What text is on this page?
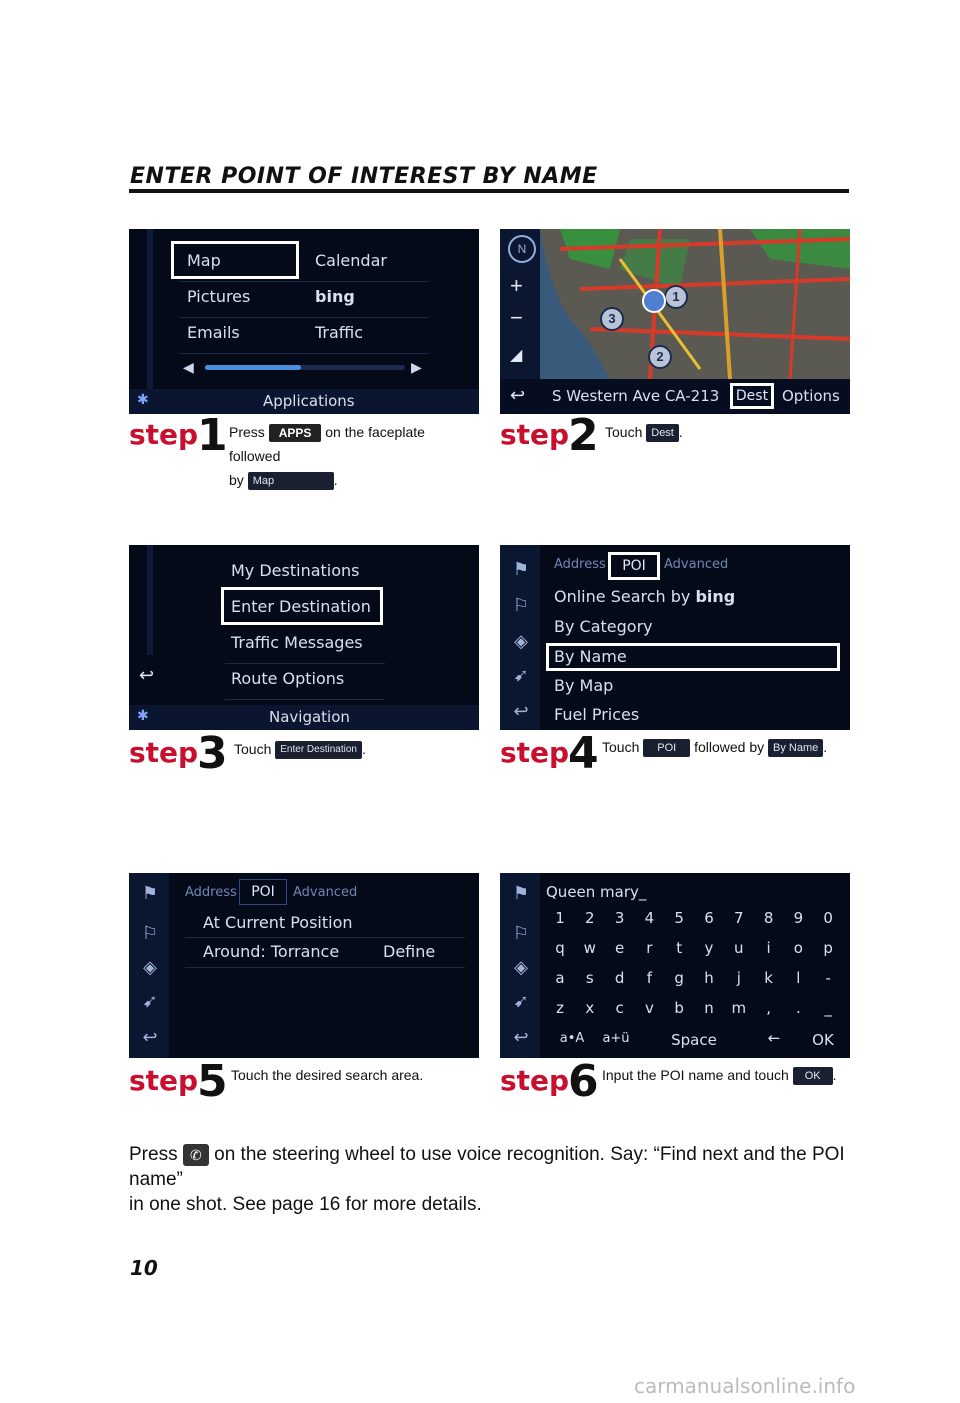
ENTER POINT OF INTEREST BY NAME
Map	Calendar
Pictures	bing
Emails	Traffic
◀	▶
✱	Applications
N
+
−
◢
1
2
3
↩ S Western Ave CA-213	Dest Options
step
1 Press APPS on the faceplate followed
by Map	.
step
2 Touch Dest .
↩
My Destinations
Enter Destination
Traffic Messages
Route Options
✱	Navigation
⚑
⚐
◈
➹
↩
Address	POI	Advanced
Online Search by bing
By Category
By Name
By Map
Fuel Prices
step
3 Touch Enter Destination .	step
4 Touch POI followed by By Name .
⚑
⚐
◈
➹
↩
Address	POI	Advanced
At Current Position
Around: Torrance	Define
⚑
⚐
◈
➹
↩
Queen mary_
1	2	3	4	5	6	7	8	9	0
q	w	e	r	t	y	u	i	o	p
a	s	d	f	g	h	j	k	l	-
z	x	c	v	b	n	m	,	.	_
a•A	a+ü	Space	←	OK
step
5 Touch the desired search area.	step
6 Input the POI name and touch OK .
Press ✆ on the steering wheel to use voice recognition. Say: “Find next and the POI name”
in one shot. See page 16 for more details.
10
carmanualsonline.info
